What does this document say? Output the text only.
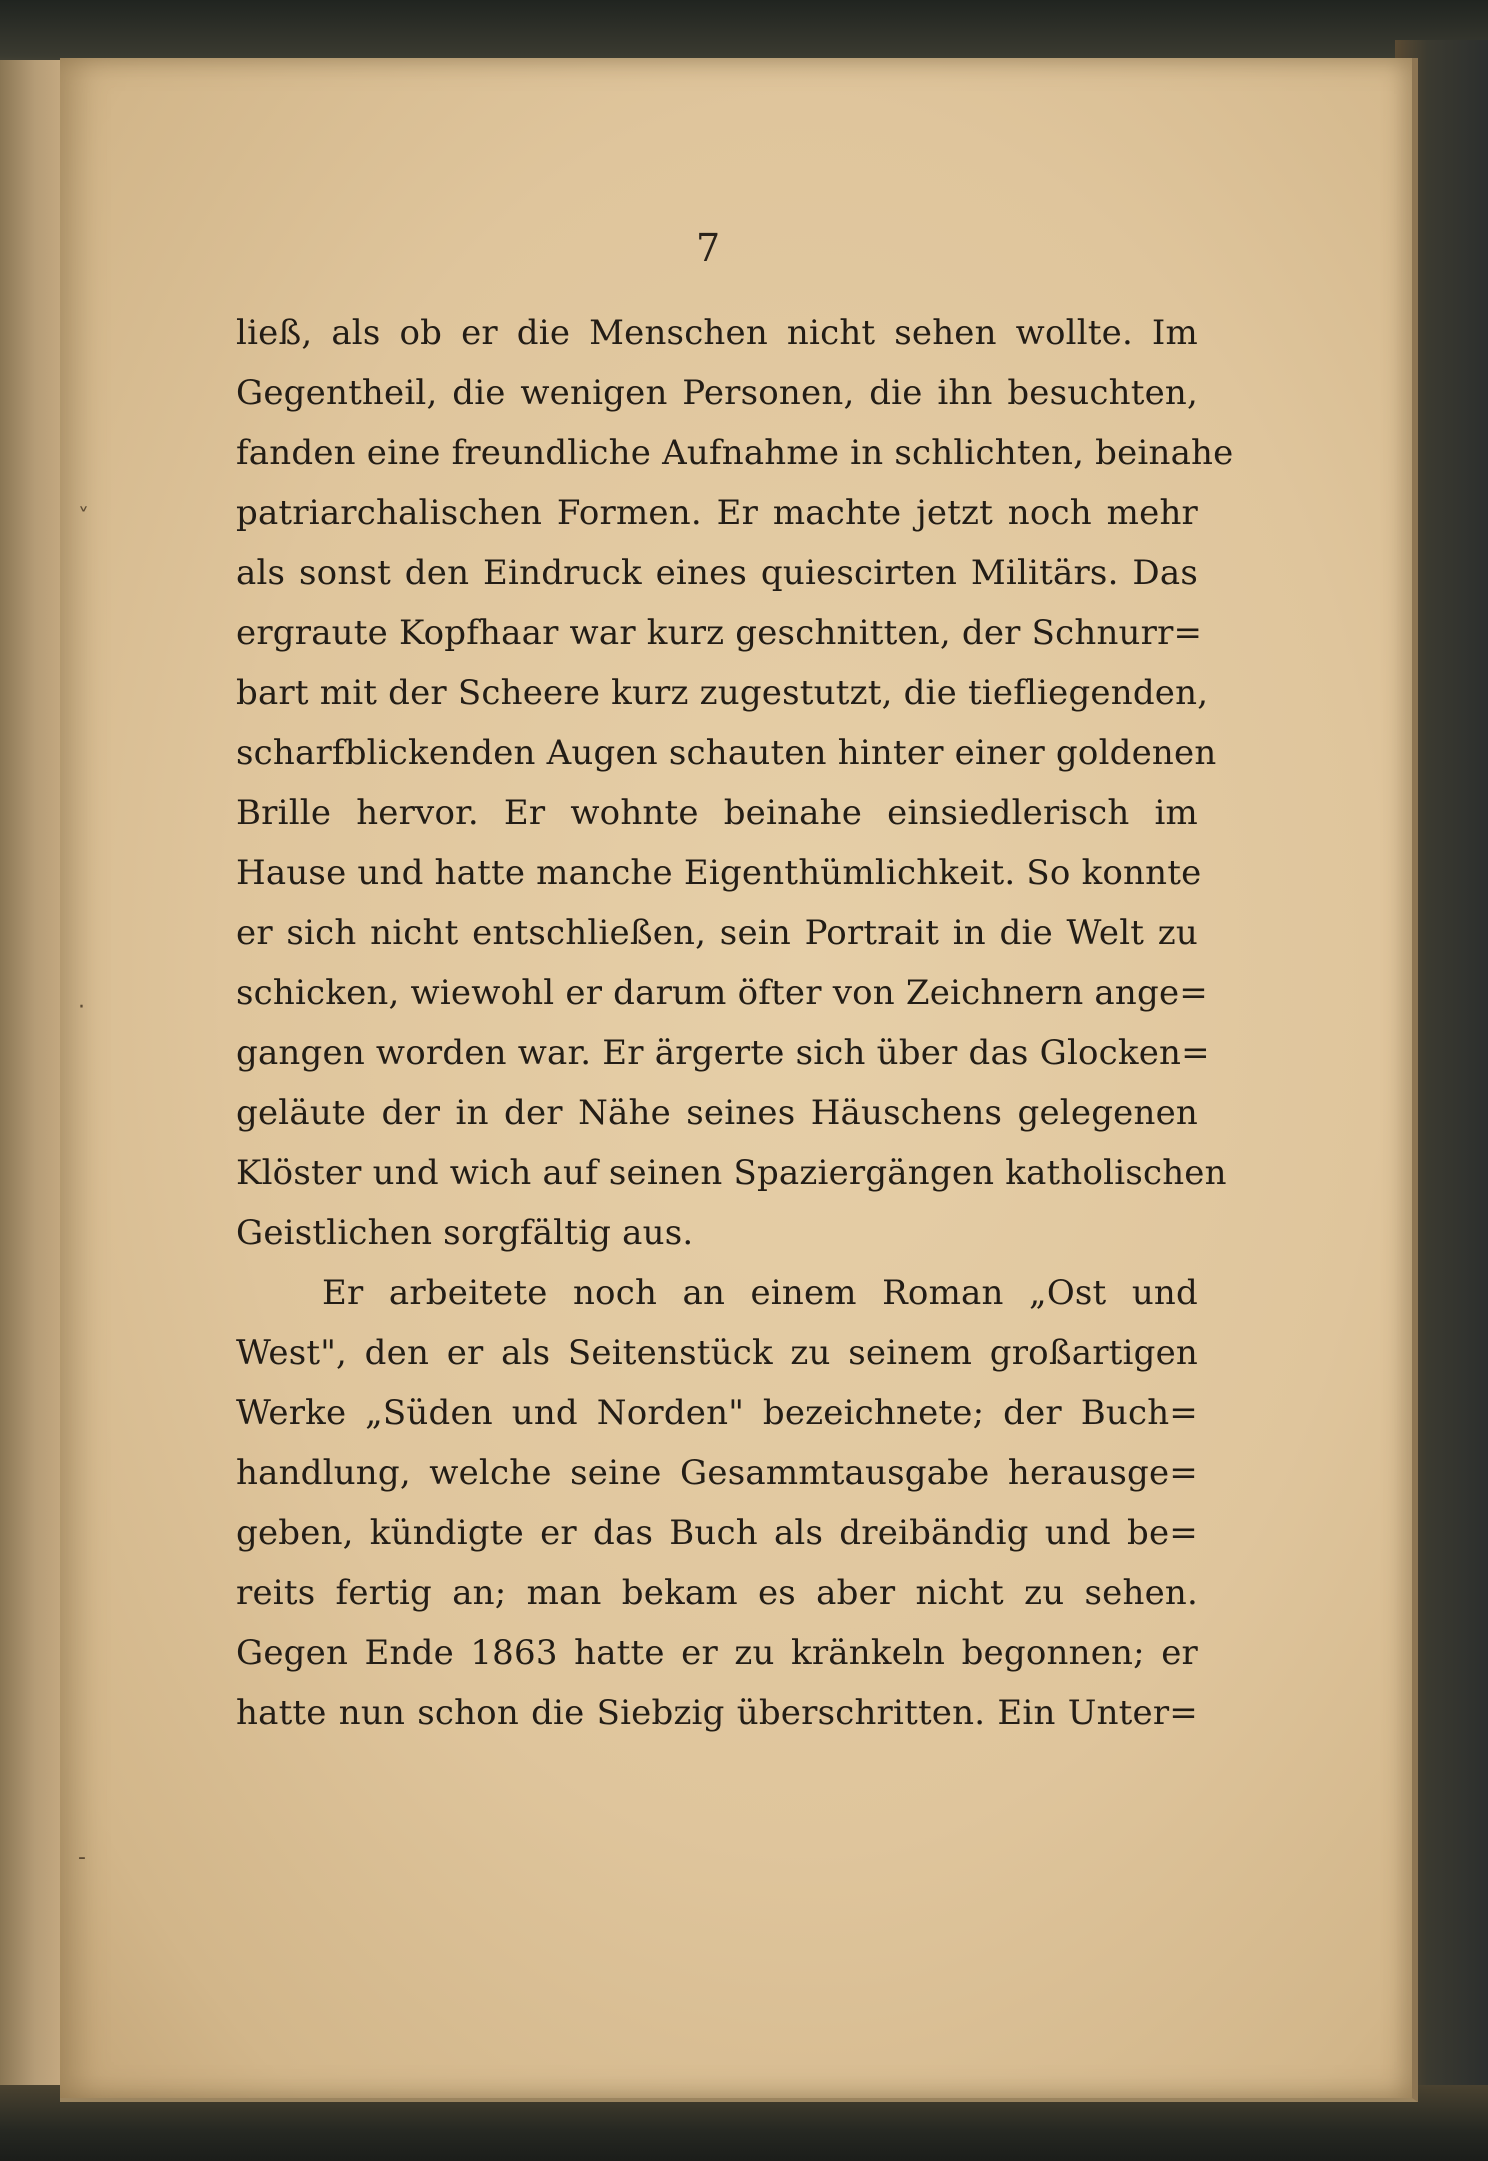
˅
·
-
7
ließ, als ob er die Menschen nicht sehen wollte. Im
Gegentheil, die wenigen Personen, die ihn besuchten,
fanden eine freundliche Aufnahme in schlichten, beinahe
patriarchalischen Formen. Er machte jetzt noch mehr
als sonst den Eindruck eines quiescirten Militärs. Das
ergraute Kopfhaar war kurz geschnitten, der Schnurr=
bart mit der Scheere kurz zugestutzt, die tiefliegenden,
scharfblickenden Augen schauten hinter einer goldenen
Brille hervor. Er wohnte beinahe einsiedlerisch im
Hause und hatte manche Eigenthümlichkeit. So konnte
er sich nicht entschließen, sein Portrait in die Welt zu
schicken, wiewohl er darum öfter von Zeichnern ange=
gangen worden war. Er ärgerte sich über das Glocken=
geläute der in der Nähe seines Häuschens gelegenen
Klöster und wich auf seinen Spaziergängen katholischen
Geistlichen sorgfältig aus.
Er arbeitete noch an einem Roman „Ost und
West", den er als Seitenstück zu seinem großartigen
Werke „Süden und Norden" bezeichnete; der Buch=
handlung, welche seine Gesammtausgabe herausge=
geben, kündigte er das Buch als dreibändig und be=
reits fertig an; man bekam es aber nicht zu sehen.
Gegen Ende 1863 hatte er zu kränkeln begonnen; er
hatte nun schon die Siebzig überschritten. Ein Unter=
